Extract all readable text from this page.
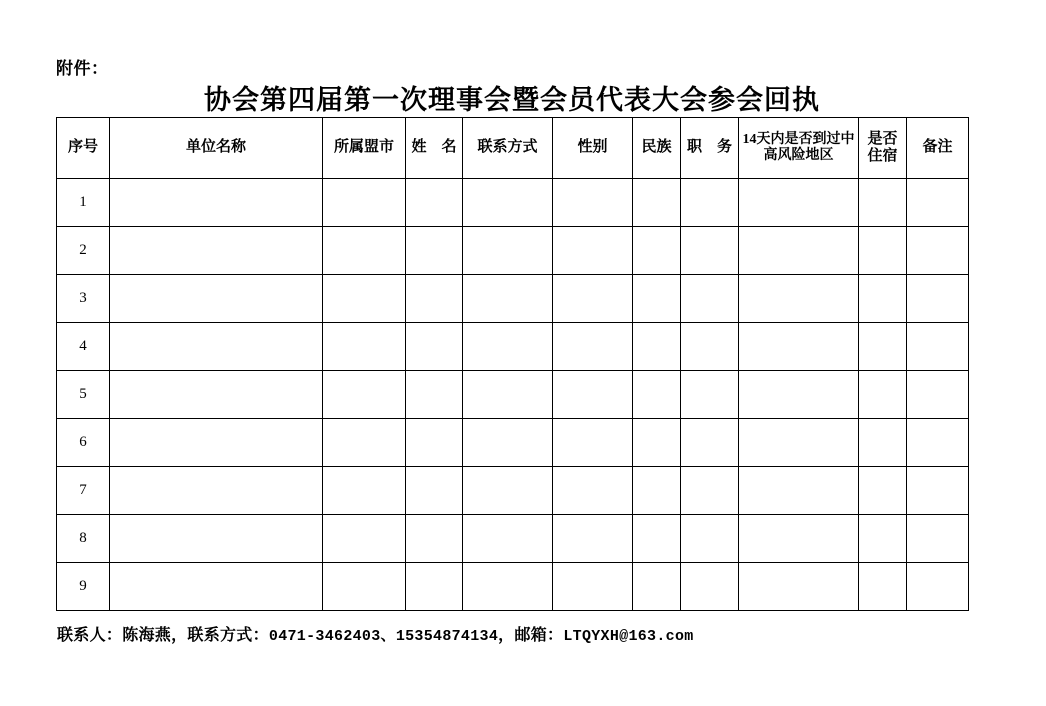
附件：
协会第四届第一次理事会暨会员代表大会参会回执
序号	单位名称	所属盟市	姓　名	联系方式	性别	民族	职　务	14天内是否到过中高风险地区	是否住宿	备注
1										
2										
3										
4										
5										
6										
7										
8										
9										
联系人：陈海燕，联系方式：0471-3462403、15354874134，邮箱：LTQYXH@163.com
